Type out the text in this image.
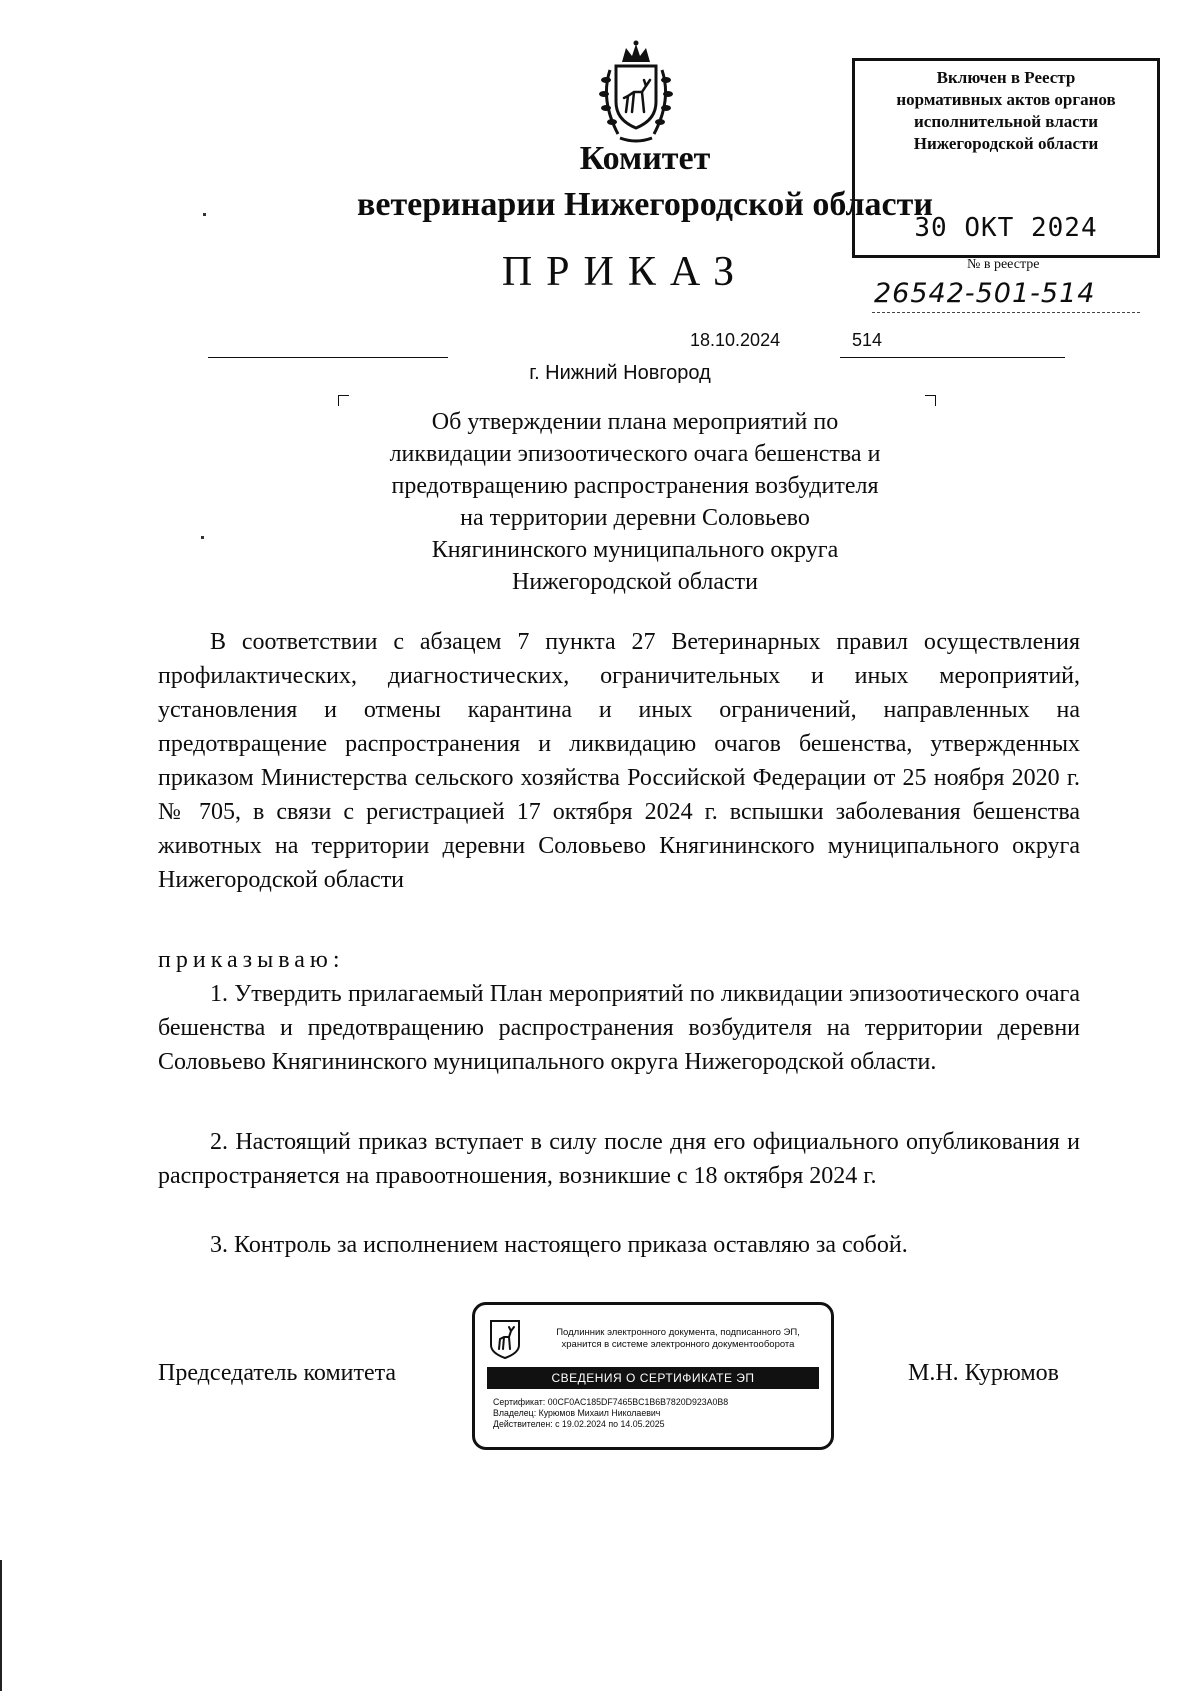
Комитет
ветеринарии Нижегородской области
ПРИКАЗ
Включен в Реестр
нормативных актов органов
исполнительной власти
Нижегородской области
30 ОКТ 2024
№ в реестре
26542-501-514
18.10.2024	514
г. Нижний Новгород
Об утверждении плана мероприятий по
ликвидации эпизоотического очага бешенства и
предотвращению распространения возбудителя
на территории деревни Соловьево
Княгининского муниципального округа
Нижегородской области
В соответствии с абзацем 7 пункта 27 Ветеринарных правил осуществления профилактических, диагностических, ограничительных и иных мероприятий, установления и отмены карантина и иных ограничений, направленных на предотвращение распространения и ликвидацию очагов бешенства, утвержденных приказом Министерства сельского хозяйства Российской Федерации от 25 ноября 2020 г. № 705, в связи с регистрацией 17 октября 2024 г. вспышки заболевания бешенства животных на территории деревни Соловьево Княгининского муниципального округа Нижегородской области
приказываю:
1. Утвердить прилагаемый План мероприятий по ликвидации эпизоотического очага бешенства и предотвращению распространения возбудителя на территории деревни Соловьево Княгининского муниципального округа Нижегородской области.
2. Настоящий приказ вступает в силу после дня его официального опубликования и распространяется на правоотношения, возникшие с 18 октября 2024 г.
3. Контроль за исполнением настоящего приказа оставляю за собой.
Председатель комитета	М.Н. Курюмов
Подлинник электронного документа, подписанного ЭП,
хранится в системе электронного документооборота
СВЕДЕНИЯ О СЕРТИФИКАТЕ ЭП
Сертификат: 00CF0AC185DF7465BC1B6B7820D923A0B8
Владелец: Курюмов Михаил Николаевич
Действителен: с 19.02.2024 по 14.05.2025
